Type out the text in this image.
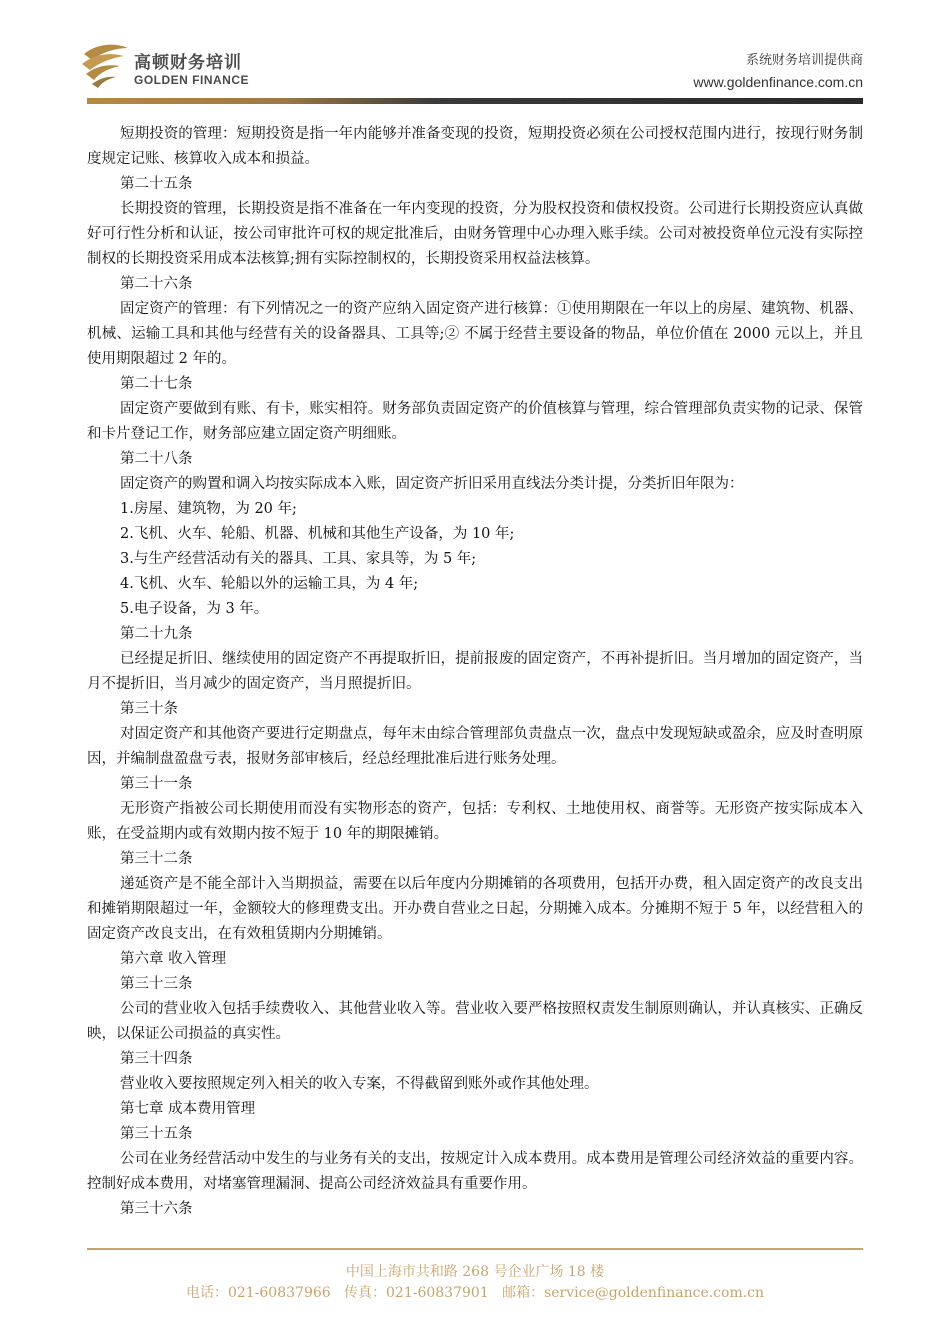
高顿财务培训
GOLDEN FINANCE
系统财务培训提供商
www.goldenfinance.com.cn

短期投资的管理：短期投资是指一年内能够并准备变现的投资，短期投资必须在公司授权范围内进行，按现行财务制度规定记账、核算收入成本和损益。

第二十五条

长期投资的管理，长期投资是指不准备在一年内变现的投资，分为股权投资和债权投资。公司进行长期投资应认真做好可行性分析和认证，按公司审批许可权的规定批准后，由财务管理中心办理入账手续。公司对被投资单位元没有实际控制权的长期投资采用成本法核算;拥有实际控制权的，长期投资采用权益法核算。

第二十六条

固定资产的管理：有下列情况之一的资产应纳入固定资产进行核算：①使用期限在一年以上的房屋、建筑物、机器、机械、运输工具和其他与经营有关的设备器具、工具等;② 不属于经营主要设备的物品，单位价值在 2000 元以上，并且使用期限超过 2 年的。

第二十七条

固定资产要做到有账、有卡，账实相符。财务部负责固定资产的价值核算与管理，综合管理部负责实物的记录、保管和卡片登记工作，财务部应建立固定资产明细账。

第二十八条

固定资产的购置和调入均按实际成本入账，固定资产折旧采用直线法分类计提，分类折旧年限为：

1.房屋、建筑物，为 20 年;

2.飞机、火车、轮船、机器、机械和其他生产设备，为 10 年;

3.与生产经营活动有关的器具、工具、家具等，为 5 年;

4.飞机、火车、轮船以外的运输工具，为 4 年;

5.电子设备，为 3 年。

第二十九条

已经提足折旧、继续使用的固定资产不再提取折旧，提前报废的固定资产，不再补提折旧。当月增加的固定资产，当月不提折旧，当月减少的固定资产，当月照提折旧。

第三十条

对固定资产和其他资产要进行定期盘点，每年末由综合管理部负责盘点一次，盘点中发现短缺或盈余，应及时查明原因，并编制盘盈盘亏表，报财务部审核后，经总经理批准后进行账务处理。

第三十一条

无形资产指被公司长期使用而没有实物形态的资产，包括：专利权、土地使用权、商誉等。无形资产按实际成本入账，在受益期内或有效期内按不短于 10 年的期限摊销。

第三十二条

递延资产是不能全部计入当期损益，需要在以后年度内分期摊销的各项费用，包括开办费，租入固定资产的改良支出和摊销期限超过一年，金额较大的修理费支出。开办费自营业之日起，分期摊入成本。分摊期不短于 5 年，以经营租入的固定资产改良支出，在有效租赁期内分期摊销。

第六章 收入管理

第三十三条

公司的营业收入包括手续费收入、其他营业收入等。营业收入要严格按照权责发生制原则确认，并认真核实、正确反映，以保证公司损益的真实性。

第三十四条

营业收入要按照规定列入相关的收入专案，不得截留到账外或作其他处理。

第七章 成本费用管理

第三十五条

公司在业务经营活动中发生的与业务有关的支出，按规定计入成本费用。成本费用是管理公司经济效益的重要内容。控制好成本费用，对堵塞管理漏洞、提高公司经济效益具有重要作用。

第三十六条

中国上海市共和路 268 号企业广场 18 楼
电话：021-60837966   传真：021-60837901   邮箱：service@goldenfinance.com.cn
